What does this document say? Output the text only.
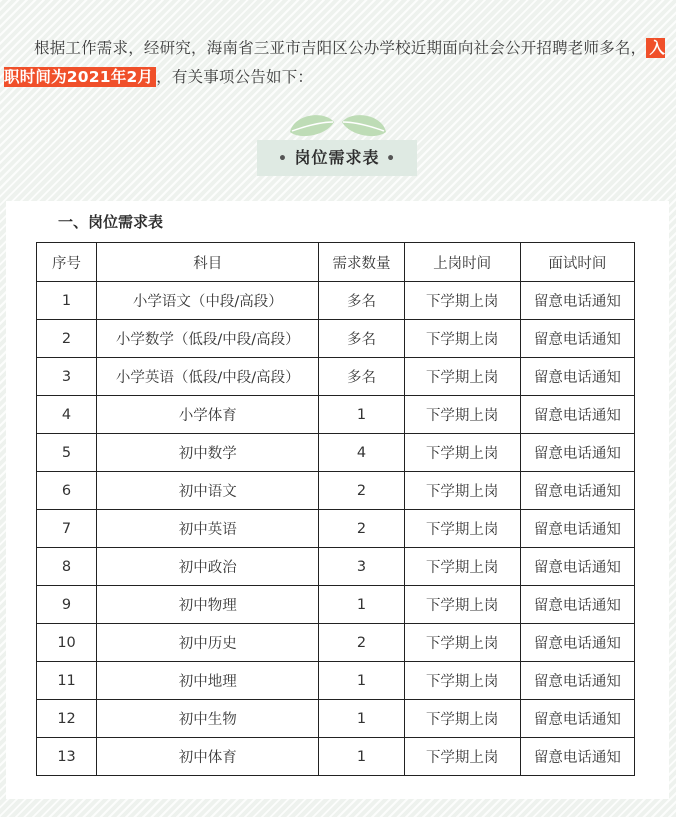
根据工作需求，经研究，海南省三亚市吉阳区公办学校近期面向社会公开招聘老师多名， 入职时间为2021年2月 ，有关事项公告如下：
• 岗位需求表 •
一、岗位需求表
序号	科目	需求数量	上岗时间	面试时间
1	小学语文（中段/高段）	多名	下学期上岗	留意电话通知
2	小学数学（低段/中段/高段）	多名	下学期上岗	留意电话通知
3	小学英语（低段/中段/高段）	多名	下学期上岗	留意电话通知
4	小学体育	1	下学期上岗	留意电话通知
5	初中数学	4	下学期上岗	留意电话通知
6	初中语文	2	下学期上岗	留意电话通知
7	初中英语	2	下学期上岗	留意电话通知
8	初中政治	3	下学期上岗	留意电话通知
9	初中物理	1	下学期上岗	留意电话通知
10	初中历史	2	下学期上岗	留意电话通知
11	初中地理	1	下学期上岗	留意电话通知
12	初中生物	1	下学期上岗	留意电话通知
13	初中体育	1	下学期上岗	留意电话通知
